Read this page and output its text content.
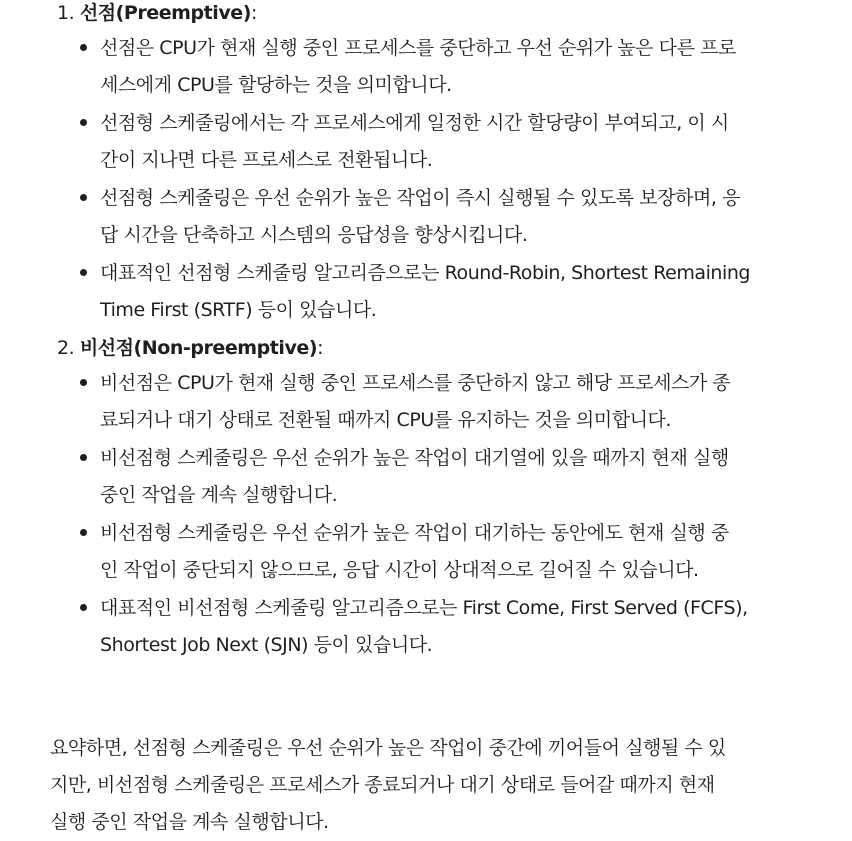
1. 선점(Preemptive):
선점은 CPU가 현재 실행 중인 프로세스를 중단하고 우선 순위가 높은 다른 프로
세스에게 CPU를 할당하는 것을 의미합니다.
선점형 스케줄링에서는 각 프로세스에게 일정한 시간 할당량이 부여되고, 이 시
간이 지나면 다른 프로세스로 전환됩니다.
선점형 스케줄링은 우선 순위가 높은 작업이 즉시 실행될 수 있도록 보장하며, 응
답 시간을 단축하고 시스템의 응답성을 향상시킵니다.
대표적인 선점형 스케줄링 알고리즘으로는 Round-Robin, Shortest Remaining
Time First (SRTF) 등이 있습니다.
2. 비선점(Non-preemptive):
비선점은 CPU가 현재 실행 중인 프로세스를 중단하지 않고 해당 프로세스가 종
료되거나 대기 상태로 전환될 때까지 CPU를 유지하는 것을 의미합니다.
비선점형 스케줄링은 우선 순위가 높은 작업이 대기열에 있을 때까지 현재 실행
중인 작업을 계속 실행합니다.
비선점형 스케줄링은 우선 순위가 높은 작업이 대기하는 동안에도 현재 실행 중
인 작업이 중단되지 않으므로, 응답 시간이 상대적으로 길어질 수 있습니다.
대표적인 비선점형 스케줄링 알고리즘으로는 First Come, First Served (FCFS),
Shortest Job Next (SJN) 등이 있습니다.

요약하면, 선점형 스케줄링은 우선 순위가 높은 작업이 중간에 끼어들어 실행될 수 있
지만, 비선점형 스케줄링은 프로세스가 종료되거나 대기 상태로 들어갈 때까지 현재
실행 중인 작업을 계속 실행합니다.
